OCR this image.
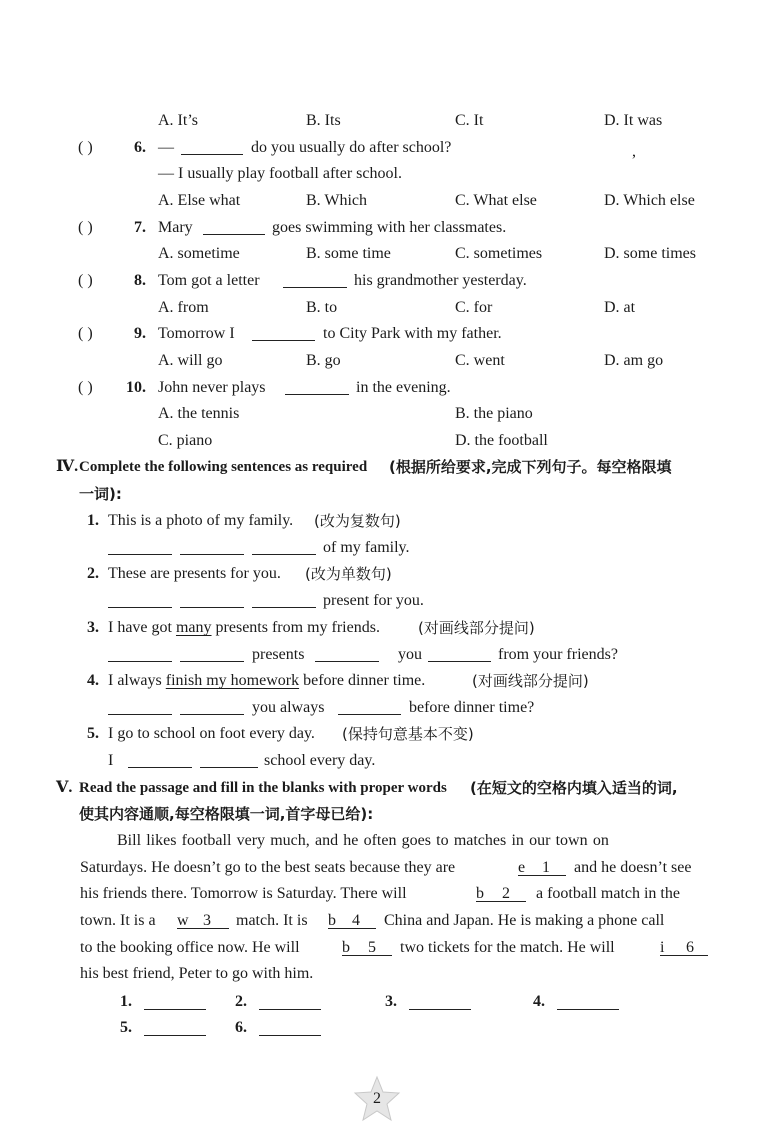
A. It’s	B. Its	C. It	D. It was
( )	6. —	do you usually do after school?	,
— I usually play football after school.
A. Else what	B. Which	C. What else	D. Which else
( )	7. Mary	goes swimming with her classmates.
A. sometime	B. some time	C. sometimes	D. some times
( )	8. Tom got a letter	his grandmother yesterday.
A. from	B. to	C. for	D. at
( )	9. Tomorrow I	to City Park with my father.
A. will go	B. go	C. went	D. am go
( ) 10. John never plays	in the evening.
A. the tennis	B. the piano
C. piano	D. the football
Ⅳ. Complete the following sentences as required (根据所给要求,完成下列句子。每空格限填
一词):
1. This is a photo of my family. (改为复数句)
of my family.
2. These are presents for you. (改为单数句)
present for you.
3. I have got many presents from my friends.	(对画线部分提问)
presents	you	from your friends?
4. I always finish my homework before dinner time.	(对画线部分提问)
you always	before dinner time?
5. I go to school on foot every day. (保持句意基本不变)
I	school every day.
Ⅴ. Read the passage and fill in the blanks with proper words (在短文的空格内填入适当的词,
使其内容通顺,每空格限填一词,首字母已给):
Bill likes football very much, and he often goes to matches in our town on
Saturdays. He doesn’t go to the best seats because they are	e 1 and he doesn’t see
his friends there. Tomorrow is Saturday. There will	b 2 a football match in the
town. It is a w 3 match. It is b 4 China and Japan. He is making a phone call
to the booking office now. He will	b 5 two tickets for the match. He will	i 6
his best friend, Peter to go with him.
1.	2.	3.	4.
5.	6.
2
